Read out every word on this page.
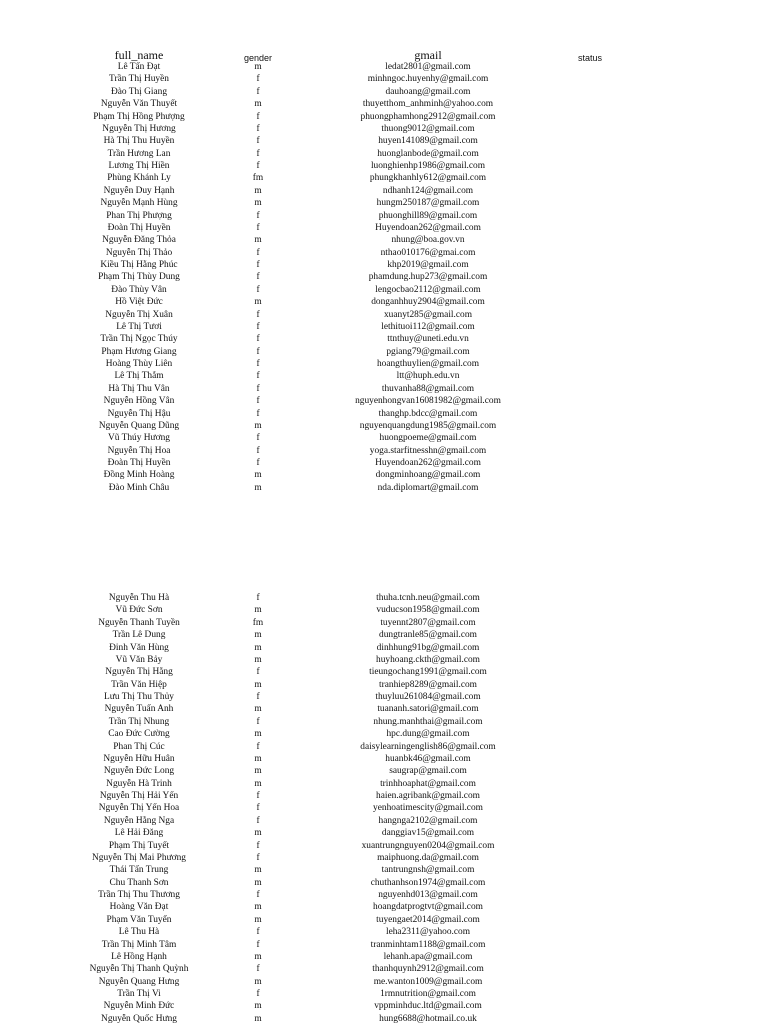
full_name	gender	gmail	status
Lê Tấn Đạt	m	ledat2801@gmail.com
Trần Thị Huyền	f	minhngoc.huyenhy@gmail.com
Đào Thị Giang	f	dauhoang@gmail.com
Nguyễn Văn Thuyết	m	thuyetthom_anhminh@yahoo.com
Phạm Thị Hồng Phượng	f	phuongphamhong2912@gmail.com
Nguyễn Thị Hương	f	thuong9012@gmail.com
Hà Thị Thu Huyền	f	huyen141089@gmail.com
Trần Hương Lan	f	huonglanbode@gmail.com
Lương Thị Hiền	f	luonghienhp1986@gmail.com
Phùng Khánh Ly	fm	phungkhanhly612@gmail.com
Nguyễn Duy Hạnh	m	ndhanh124@gmail.com
Nguyễn Mạnh Hùng	m	hungm250187@gmail.com
Phan Thị Phượng	f	phuonghill89@gmail.com
Đoàn Thị Huyền	f	Huyendoan262@gmail.com
Nguyễn Đăng Thỏa	m	nhung@boa.gov.vn
Nguyễn Thị Thảo	f	nthao010176@gmai.com
Kiều Thị Hằng Phúc	f	khp2019@gmail.com
Phạm Thị Thùy Dung	f	phamdung.hup273@gmail.com
Đào Thùy Vân	f	lengocbao2112@gmail.com
Hồ Việt Đức	m	donganhhuy2904@gmail.com
Nguyễn Thị Xuân	f	xuanyt285@gmail.com
Lê Thị Tươi	f	lethituoi112@gmail.com
Trần Thị Ngọc Thúy	f	ttnthuy@uneti.edu.vn
Phạm Hương Giang	f	pgiang79@gmail.com
Hoàng Thùy Liên	f	hoangthuylien@gmail.com
Lê Thị Thắm	f	ltt@huph.edu.vn
Hà Thị Thu Vân	f	thuvanha88@gmail.com
Nguyễn Hồng Vân	f	nguyenhongvan16081982@gmail.com
Nguyễn Thị Hậu	f	thanghp.bdcc@gmail.com
Nguyễn Quang Dũng	m	nguyenquangdung1985@gmail.com
Vũ Thúy Hương	f	huongpoeme@gmail.com
Nguyễn Thị Hoa	f	yoga.starfitnesshn@gmail.com
Đoàn Thị Huyền	f	Huyendoan262@gmail.com
Đồng Minh Hoàng	m	dongminhoang@gmail.com
Đào Minh Châu	m	nda.diplomart@gmail.com
Nguyễn Thu Hà	f	thuha.tcnh.neu@gmail.com
Vũ Đức Sơn	m	vuducson1958@gmail.com
Nguyễn Thanh Tuyền	fm	tuyennt2807@gmail.com
Trần Lê Dung	m	dungtranle85@gmail.com
Đinh Văn Hùng	m	dinhhung91bg@gmail.com
Vũ Văn Bảy	m	huyhoang.ckth@gmail.com
Nguyễn Thị Hằng	f	tieungochang1991@gmail.com
Trần Văn Hiệp	m	tranhiep8289@gmail.com
Lưu Thị Thu Thủy	f	thuyluu261084@gmail.com
Nguyễn Tuấn Anh	m	tuananh.satori@gmail.com
Trần Thị Nhung	f	nhung.manhthai@gmail.com
Cao Đức Cường	m	hpc.dung@gmail.com
Phan Thị Cúc	f	daisylearningenglish86@gmail.com
Nguyễn Hữu Huân	m	huanbk46@gmail.com
Nguyễn Đức Long	m	saugrap@gmail.com
Nguyễn Hà Trinh	m	trinhhoaphat@gmail.com
Nguyễn Thị Hải Yến	f	haien.agribank@gmail.com
Nguyễn Thị Yến Hoa	f	yenhoatimescity@gmail.com
Nguyễn Hằng Nga	f	hangnga2102@gmail.com
Lê Hải Đăng	m	danggiav15@gmail.com
Phạm Thị Tuyết	f	xuantrungnguyen0204@gmail.com
Nguyễn Thị Mai Phương	f	maiphuong.da@gmail.com
Thái Tấn Trung	m	tantrungnsh@gmail.com
Chu Thanh Sơn	m	chuthanhson1974@gmail.com
Trần Thị Thu Thương	f	nguyenhd013@gmail.com
Hoàng Văn Đạt	m	hoangdatprogtvt@gmail.com
Phạm Văn Tuyển	m	tuyengaet2014@gmail.com
Lê Thu Hà	f	leha2311@yahoo.com
Trần Thị Minh Tâm	f	tranminhtam1188@gmail.com
Lê Hồng Hạnh	m	lehanh.apa@gmail.com
Nguyễn Thị Thanh Quỳnh	f	thanhquynh2912@gmail.com
Nguyễn Quang Hưng	m	me.wanton1009@gmail.com
Trần Thị Vi	f	1rmnutrition@gmail.com
Nguyễn Minh Đức	m	vppminhduc.ltd@gmail.com
Nguyễn Quốc Hưng	m	hung6688@hotmail.co.uk
